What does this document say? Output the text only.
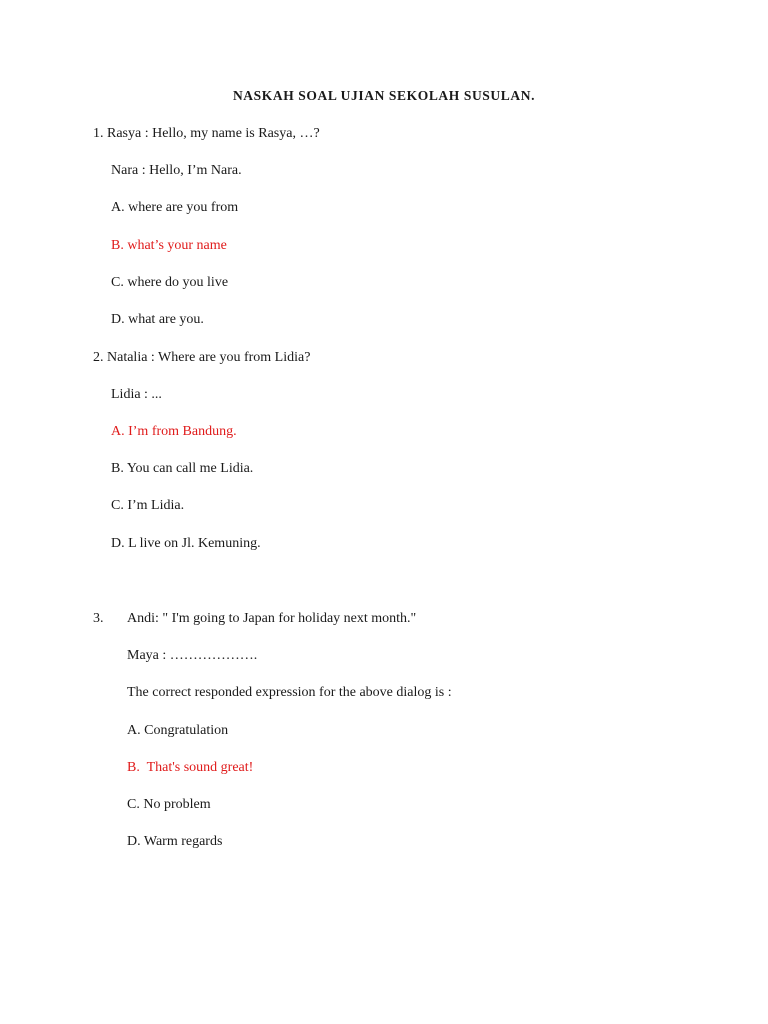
NASKAH SOAL UJIAN SEKOLAH SUSULAN.
1. Rasya : Hello, my name is Rasya, …?
Nara : Hello, I’m Nara.
A. where are you from
B. what’s your name
C. where do you live
D. what are you.
2. Natalia : Where are you from Lidia?
Lidia : ...
A. I’m from Bandung.
B. You can call me Lidia.
C. I’m Lidia.
D. L live on Jl. Kemuning.
3. Andi: " I'm going to Japan for holiday next month."
Maya : ……………….
The correct responded expression for the above dialog is :
A. Congratulation
B.  That's sound great!
C. No problem
D. Warm regards
